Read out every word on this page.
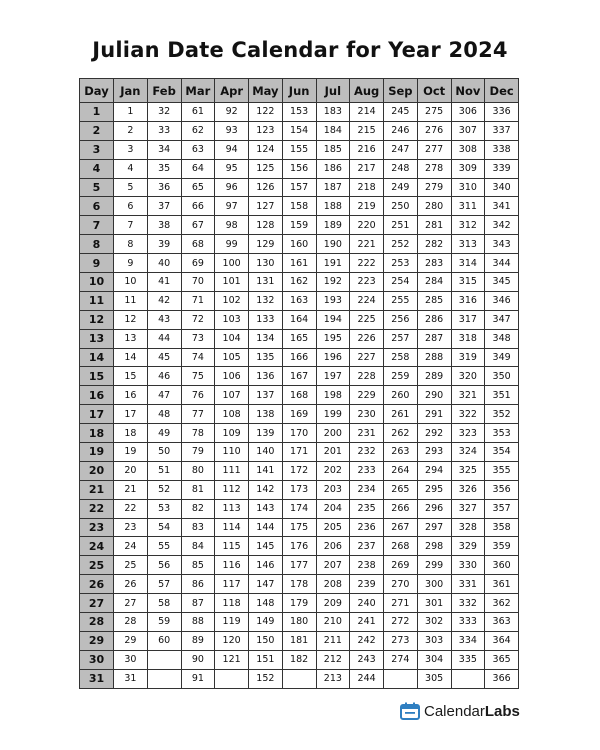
Julian Date Calendar for Year 2024
Day	Jan	Feb	Mar	Apr	May	Jun	Jul	Aug	Sep	Oct	Nov	Dec
1	1	32	61	92	122	153	183	214	245	275	306	336
2	2	33	62	93	123	154	184	215	246	276	307	337
3	3	34	63	94	124	155	185	216	247	277	308	338
4	4	35	64	95	125	156	186	217	248	278	309	339
5	5	36	65	96	126	157	187	218	249	279	310	340
6	6	37	66	97	127	158	188	219	250	280	311	341
7	7	38	67	98	128	159	189	220	251	281	312	342
8	8	39	68	99	129	160	190	221	252	282	313	343
9	9	40	69	100	130	161	191	222	253	283	314	344
10	10	41	70	101	131	162	192	223	254	284	315	345
11	11	42	71	102	132	163	193	224	255	285	316	346
12	12	43	72	103	133	164	194	225	256	286	317	347
13	13	44	73	104	134	165	195	226	257	287	318	348
14	14	45	74	105	135	166	196	227	258	288	319	349
15	15	46	75	106	136	167	197	228	259	289	320	350
16	16	47	76	107	137	168	198	229	260	290	321	351
17	17	48	77	108	138	169	199	230	261	291	322	352
18	18	49	78	109	139	170	200	231	262	292	323	353
19	19	50	79	110	140	171	201	232	263	293	324	354
20	20	51	80	111	141	172	202	233	264	294	325	355
21	21	52	81	112	142	173	203	234	265	295	326	356
22	22	53	82	113	143	174	204	235	266	296	327	357
23	23	54	83	114	144	175	205	236	267	297	328	358
24	24	55	84	115	145	176	206	237	268	298	329	359
25	25	56	85	116	146	177	207	238	269	299	330	360
26	26	57	86	117	147	178	208	239	270	300	331	361
27	27	58	87	118	148	179	209	240	271	301	332	362
28	28	59	88	119	149	180	210	241	272	302	333	363
29	29	60	89	120	150	181	211	242	273	303	334	364
30	30		90	121	151	182	212	243	274	304	335	365
31	31		91		152		213	244		305		366
CalendarLabs
